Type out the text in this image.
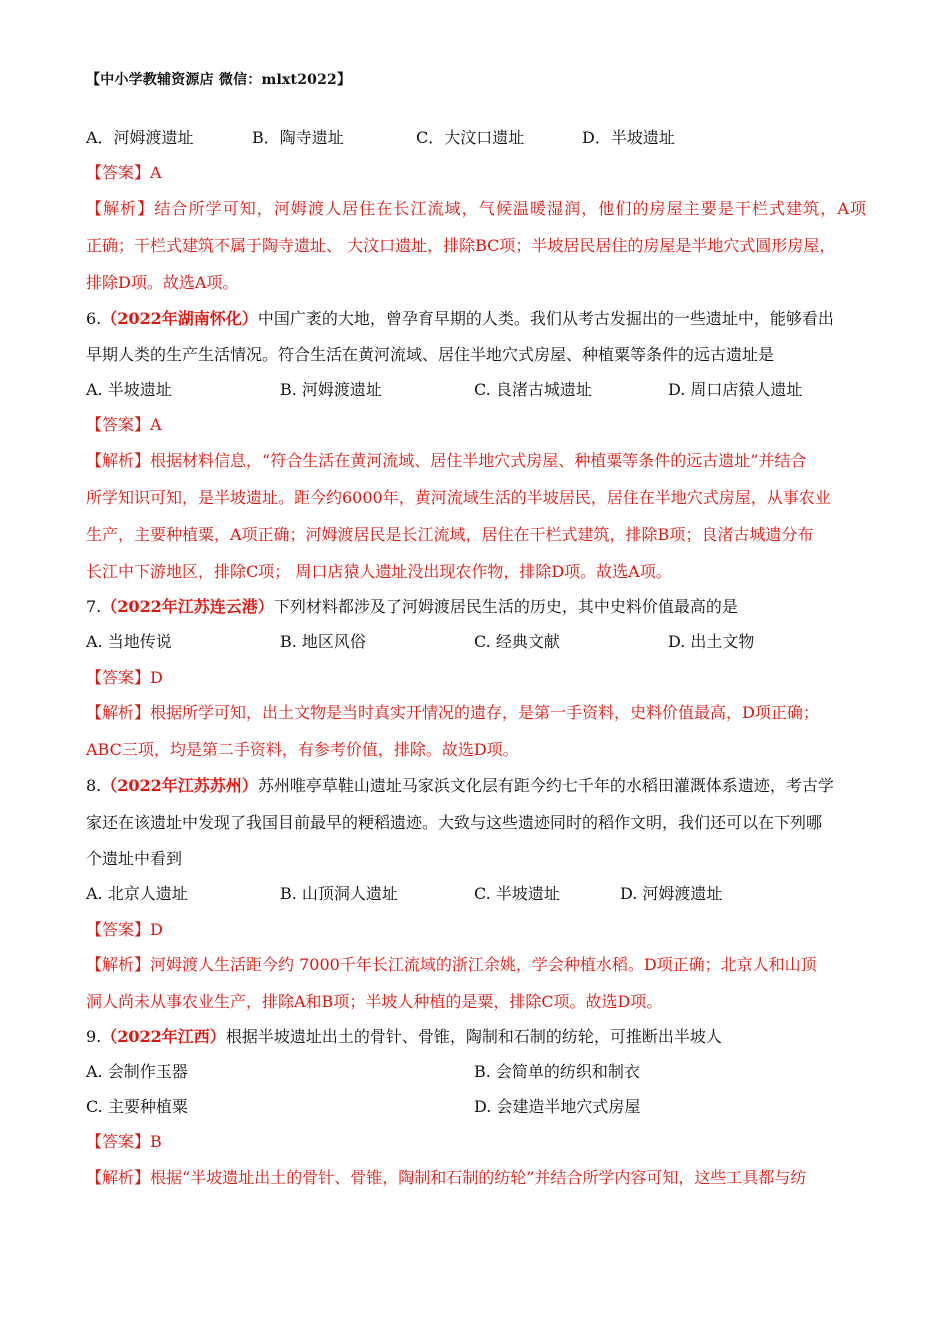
【中小学教辅资源店 微信：mlxt2022】
A．河姆渡遗址	B．陶寺遗址	C．大汶口遗址	D．半坡遗址
【答案】A
【解析】结合所学可知，河姆渡人居住在长江流域，气候温暖湿润，他们的房屋主要是干栏式建筑，A项
正确；干栏式建筑不属于陶寺遗址、 大汶口遗址，排除BC项；半坡居民居住的房屋是半地穴式圆形房屋，
排除D项。故选A项。
6.（2022年湖南怀化）中国广袤的大地，曾孕育早期的人类。我们从考古发掘出的一些遗址中，能够看出
早期人类的生产生活情况。符合生活在黄河流域、居住半地穴式房屋、种植粟等条件的远古遗址是
A. 半坡遗址	B. 河姆渡遗址	C. 良渚古城遗址	D. 周口店猿人遗址
【答案】A
【解析】根据材料信息，“符合生活在黄河流域、居住半地穴式房屋、种植粟等条件的远古遗址”并结合
所学知识可知，是半坡遗址。距今约6000年，黄河流域生活的半坡居民，居住在半地穴式房屋，从事农业
生产，主要种植粟，A项正确；河姆渡居民是长江流域，居住在干栏式建筑，排除B项；良渚古城遗分布
长江中下游地区，排除C项； 周口店猿人遗址没出现农作物，排除D项。故选A项。
7.（2022年江苏连云港）下列材料都涉及了河姆渡居民生活的历史，其中史料价值最高的是
A. 当地传说	B. 地区风俗	C. 经典文献	D. 出土文物
【答案】D
【解析】根据所学可知，出土文物是当时真实开情况的遗存，是第一手资料，史料价值最高，D项正确；
ABC三项，均是第二手资料，有参考价值，排除。故选D项。
8.（2022年江苏苏州）苏州唯亭草鞋山遗址马家浜文化层有距今约七千年的水稻田灌溉体系遗迹，考古学
家还在该遗址中发现了我国目前最早的粳稻遗迹。大致与这些遗迹同时的稻作文明，我们还可以在下列哪
个遗址中看到
A. 北京人遗址	B. 山顶洞人遗址	C. 半坡遗址	D. 河姆渡遗址
【答案】D
【解析】河姆渡人生活距今约 7000千年长江流域的浙江余姚，学会种植水稻。D项正确；北京人和山顶
洞人尚未从事农业生产，排除A和B项；半坡人种植的是粟，排除C项。故选D项。
9.（2022年江西）根据半坡遗址出土的骨针、骨锥，陶制和石制的纺轮，可推断出半坡人
A. 会制作玉器	B. 会简单的纺织和制衣
C. 主要种植粟	D. 会建造半地穴式房屋
【答案】B
【解析】根据“半坡遗址出土的骨针、骨锥，陶制和石制的纺轮”并结合所学内容可知，这些工具都与纺
